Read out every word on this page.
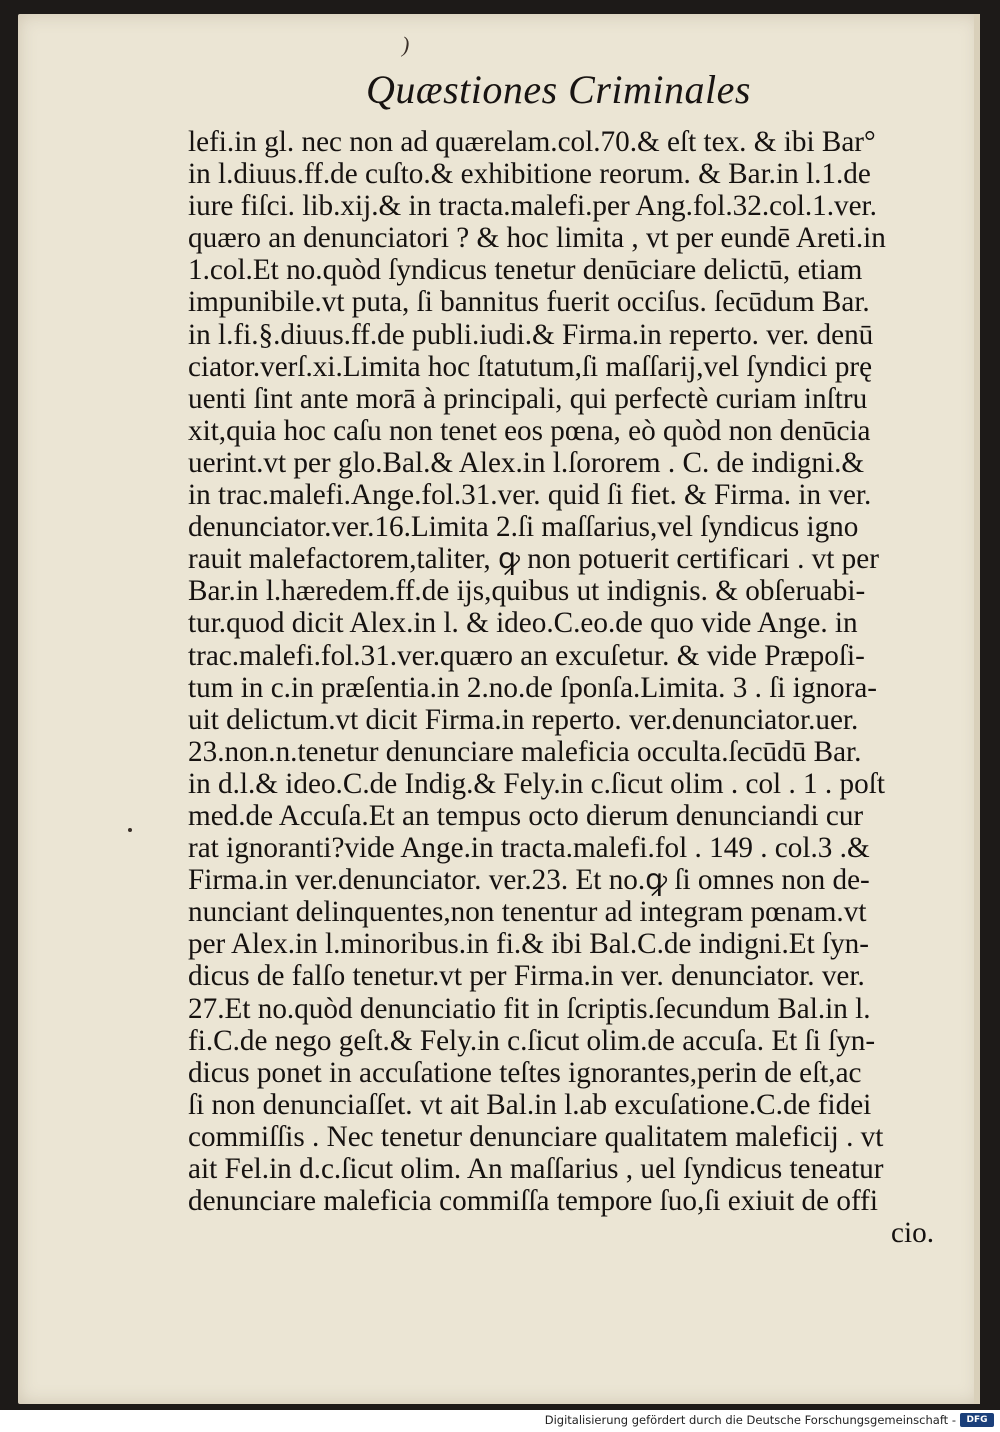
)
Quæstiones Criminales
lefi.in gl. nec non ad quærelam.col.70.& eſt tex. & ibi Bar°
in l.diuus.ff.de cuſto.& exhibitione reorum. & Bar.in l.1.de
iure fiſci. lib.xij.& in tracta.malefi.per Ang.fol.32.col.1.ver.
quæro an denunciatori ? & hoc limita , vt per eundē Areti.in
1.col.Et no.quòd ſyndicus tenetur denūciare delictū, etiam
impunibile.vt puta, ſi bannitus fuerit occiſus. ſecūdum Bar.
in l.fi.§.diuus.ff.de publi.iudi.& Firma.in reperto. ver. denū
ciator.verſ.xi.Limita hoc ſtatutum,ſi maſſarij,vel ſyndici prę
uenti ſint ante morā à principali, qui perfectè curiam inſtru
xit,quia hoc caſu non tenet eos pœna, eò quòd non denūcia
uerint.vt per glo.Bal.& Alex.in l.ſororem . C. de indigni.&
in trac.malefi.Ange.fol.31.ver. quid ſi fiet. & Firma. in ver.
denunciator.ver.16.Limita 2.ſi maſſarius,vel ſyndicus igno
rauit malefactorem,taliter, ꝙ non potuerit certificari . vt per
Bar.in l.hæredem.ff.de ijs,quibus ut indignis. & obſeruabi-
tur.quod dicit Alex.in l. & ideo.C.eo.de quo vide Ange. in
trac.malefi.fol.31.ver.quæro an excuſetur. & vide Præpoſi-
tum in c.in præſentia.in 2.no.de ſponſa.Limita. 3 . ſi ignora-
uit delictum.vt dicit Firma.in reperto. ver.denunciator.uer.
23.non.n.tenetur denunciare maleficia occulta.ſecūdū Bar.
in d.l.& ideo.C.de Indig.& Fely.in c.ſicut olim . col . 1 . poſt
med.de Accuſa.Et an tempus octo dierum denunciandi cur
rat ignoranti?vide Ange.in tracta.malefi.fol . 149 . col.3 .&
Firma.in ver.denunciator. ver.23. Et no.ꝙ ſi omnes non de-
nunciant delinquentes,non tenentur ad integram pœnam.vt
per Alex.in l.minoribus.in fi.& ibi Bal.C.de indigni.Et ſyn-
dicus de falſo tenetur.vt per Firma.in ver. denunciator. ver.
27.Et no.quòd denunciatio fit in ſcriptis.ſecundum Bal.in l.
fi.C.de nego geſt.& Fely.in c.ſicut olim.de accuſa. Et ſi ſyn-
dicus ponet in accuſatione teſtes ignorantes,perin de eſt,ac
ſi non denunciaſſet. vt ait Bal.in l.ab excuſatione.C.de fidei
commiſſis . Nec tenetur denunciare qualitatem maleficij . vt
ait Fel.in d.c.ſicut olim. An maſſarius , uel ſyndicus teneatur
denunciare maleficia commiſſa tempore ſuo,ſi exiuit de offi
cio.
Digitalisierung gefördert durch die Deutsche Forschungsgemeinschaft -	DFG
